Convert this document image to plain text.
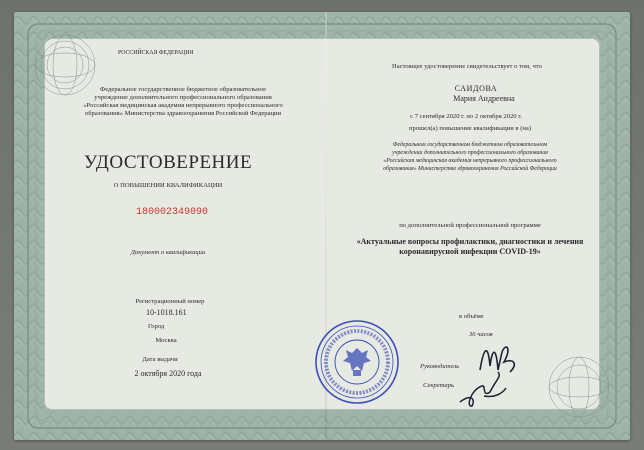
РОССИЙСКАЯ ФЕДЕРАЦИЯ
Федеральное государственное бюджетное образовательное
учреждение дополнительного профессионального образования
«Российская медицинская академия непрерывного профессионального
образования» Министерства здравоохранения Российской Федерации
УДОСТОВЕРЕНИЕ
О ПОВЫШЕНИИ КВАЛИФИКАЦИИ
180002349090
Документ о квалификации
Регистрационный номер
10-1018.161
Город
Москва
Дата выдачи
2 октября 2020 года
Настоящее удостоверение свидетельствует о том, что
САИДОВА
Мария Андреевна
с 7 сентября 2020 г. по 2 октября 2020 г.
прошел(а) повышение квалификации в (на)
Федеральном государственном бюджетном образовательном
учреждении дополнительного профессионального образования
«Российская медицинская академия непрерывного профессионального
образования» Министерства здравоохранения Российской Федерации
по дополнительной профессиональной программе
«Актуальные вопросы профилактики, диагностики и лечения
коронавирусной инфекции COVID-19»
в объёме
36 часов
Руководитель
Секретарь
